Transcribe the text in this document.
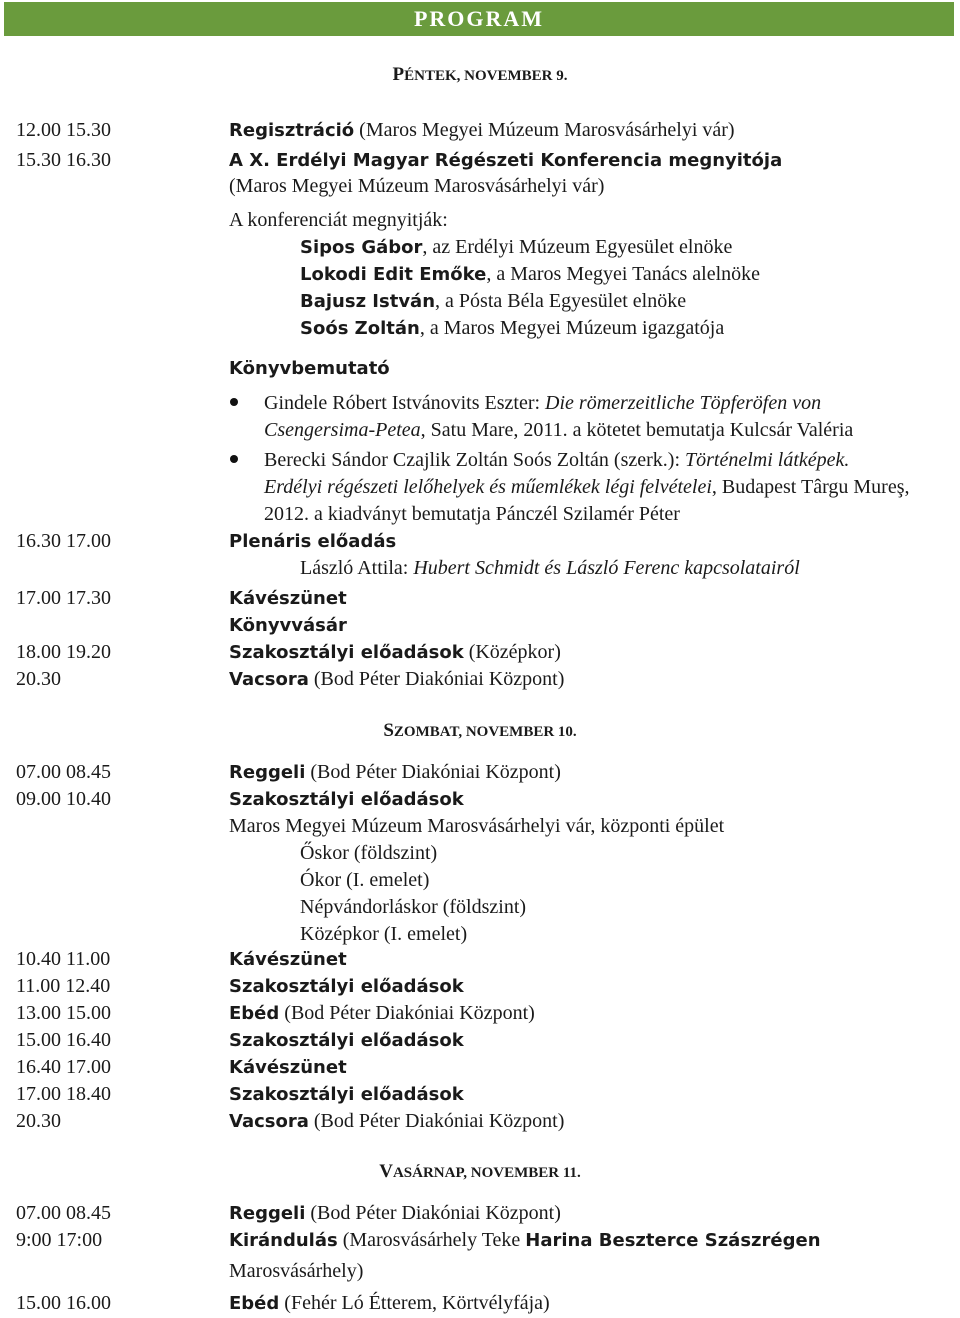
PROGRAM
PÉNTEK, NOVEMBER 9.
12.00 15.30	Regisztráció (Maros Megyei Múzeum Marosvásárhelyi vár)
15.30 16.30	A X. Erdélyi Magyar Régészeti Konferencia megnyitója
(Maros Megyei Múzeum Marosvásárhelyi vár)
A konferenciát megnyitják:
Sipos Gábor, az Erdélyi Múzeum Egyesület elnöke
Lokodi Edit Emőke, a Maros Megyei Tanács alelnöke
Bajusz István, a Pósta Béla Egyesület elnöke
Soós Zoltán, a Maros Megyei Múzeum igazgatója
Könyvbemutató
Gindele Róbert Istvánovits Eszter: Die römerzeitliche Töpferöfen von
Csengersima-Petea, Satu Mare, 2011. a kötetet bemutatja Kulcsár Valéria
Berecki Sándor Czajlik Zoltán Soós Zoltán (szerk.): Történelmi látképek.
Erdélyi régészeti lelőhelyek és műemlékek légi felvételei, Budapest Târgu Mureş,
2012. a kiadványt bemutatja Pánczél Szilamér Péter
16.30 17.00	Plenáris előadás
László Attila: Hubert Schmidt és László Ferenc kapcsolatairól
17.00 17.30	Kávészünet
Könyvvásár
18.00 19.20	Szakosztályi előadások (Középkor)
20.30	Vacsora (Bod Péter Diakóniai Központ)
SZOMBAT, NOVEMBER 10.
07.00 08.45	Reggeli (Bod Péter Diakóniai Központ)
09.00 10.40	Szakosztályi előadások
Maros Megyei Múzeum Marosvásárhelyi vár, központi épület
Őskor (földszint)
Ókor (I. emelet)
Népvándorláskor (földszint)
Középkor (I. emelet)
10.40 11.00	Kávészünet
11.00 12.40	Szakosztályi előadások
13.00 15.00	Ebéd (Bod Péter Diakóniai Központ)
15.00 16.40	Szakosztályi előadások
16.40 17.00	Kávészünet
17.00 18.40	Szakosztályi előadások
20.30	Vacsora (Bod Péter Diakóniai Központ)
VASÁRNAP, NOVEMBER 11.
07.00 08.45	Reggeli (Bod Péter Diakóniai Központ)
9:00 17:00	Kirándulás (Marosvásárhely Teke Harina Beszterce Szászrégen
Marosvásárhely)
15.00 16.00	Ebéd (Fehér Ló Étterem, Körtvélyfája)
